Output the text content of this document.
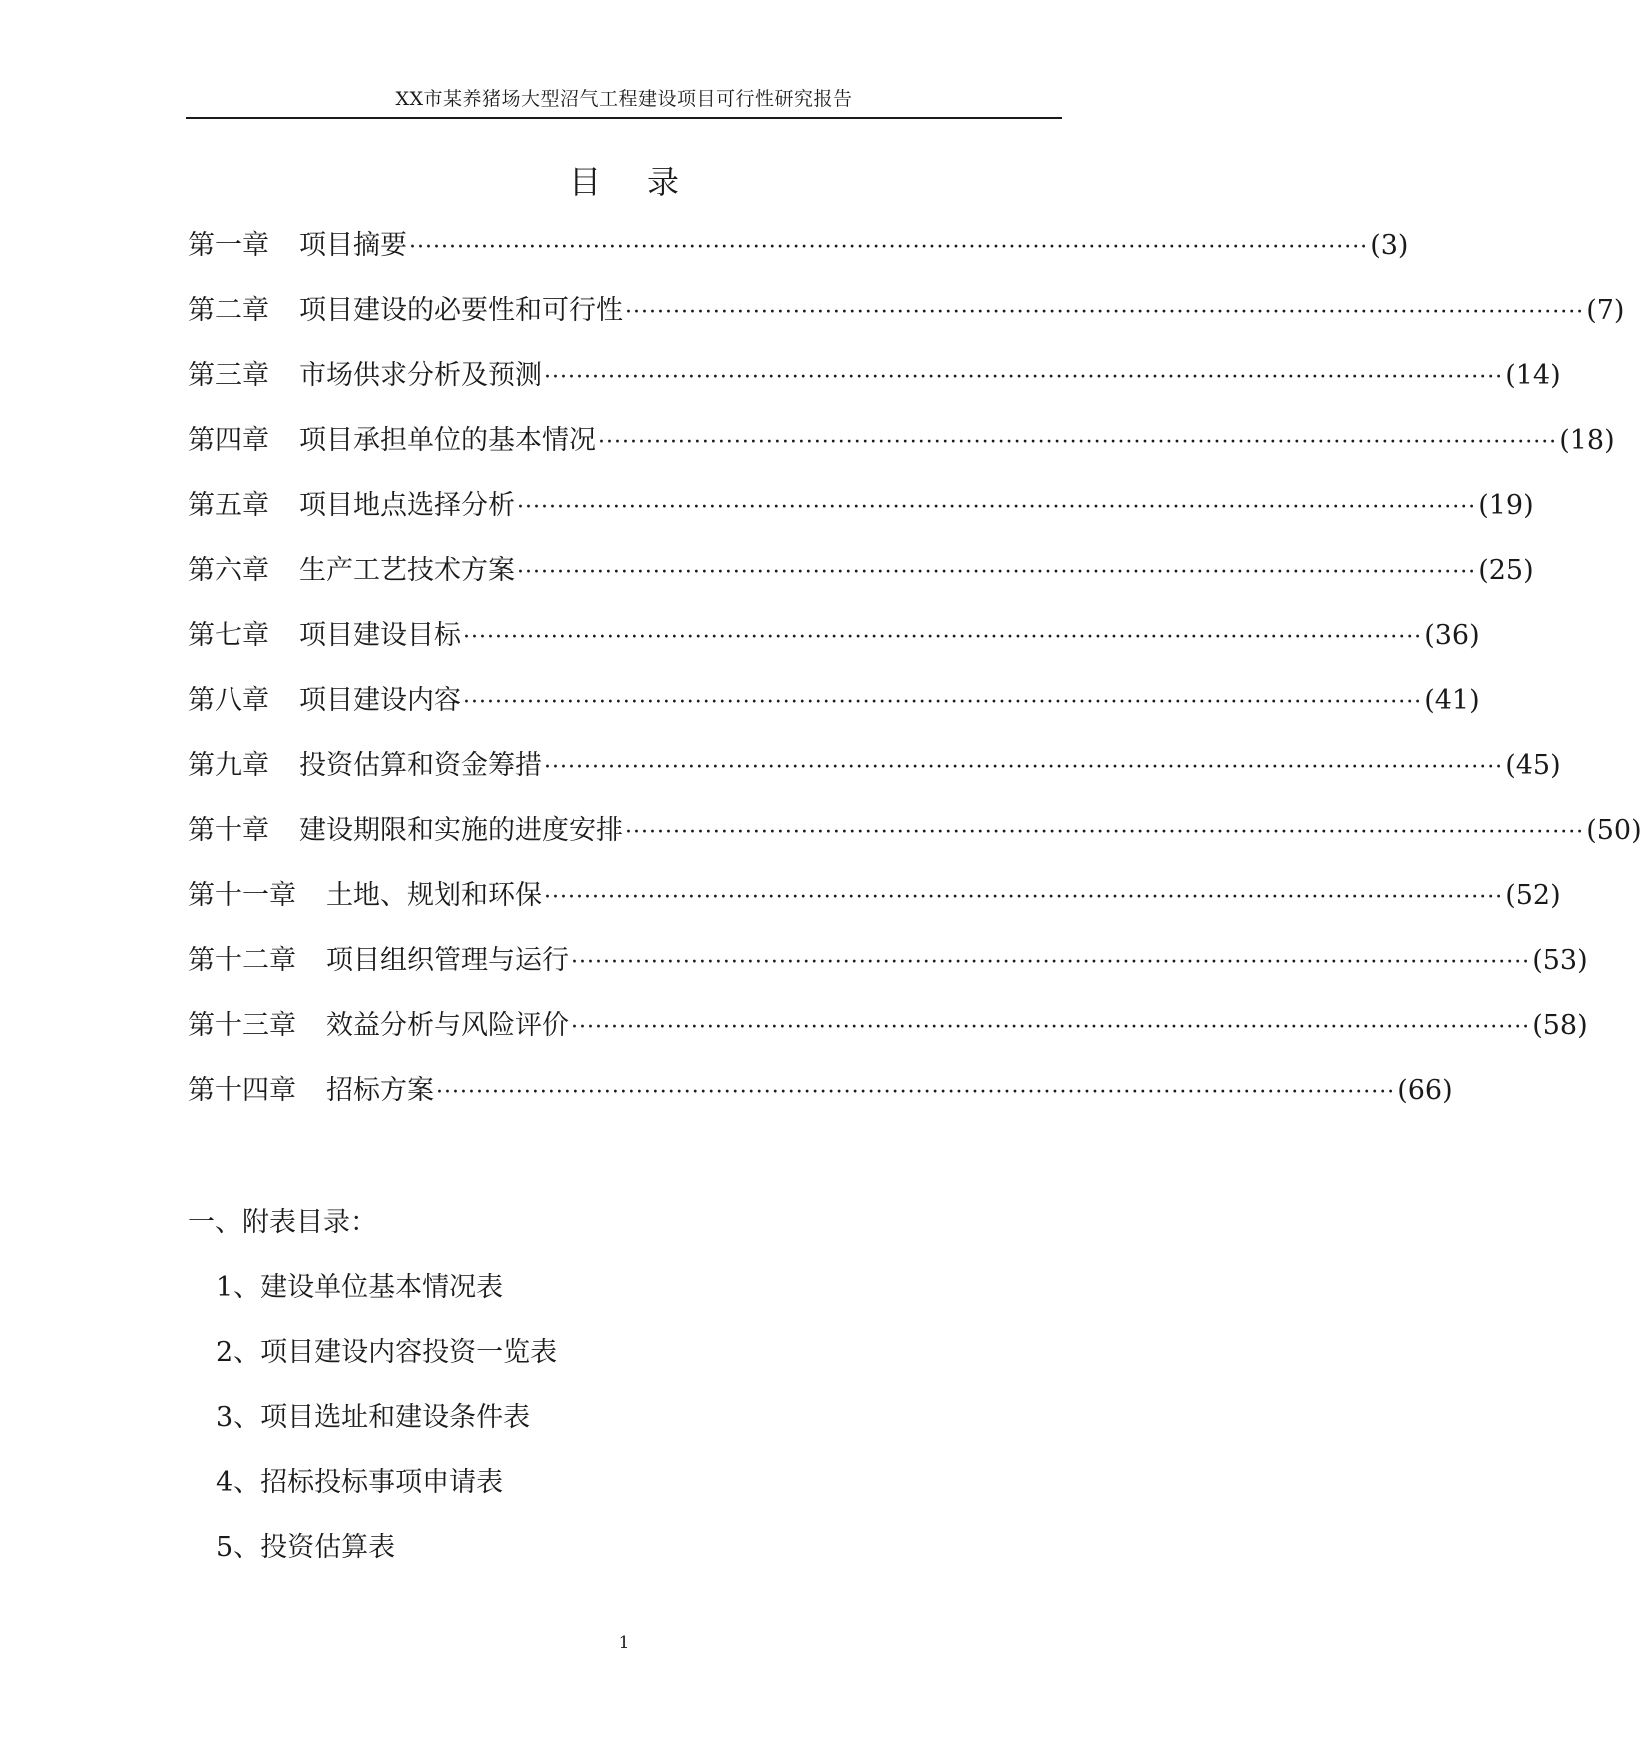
XX市某养猪场大型沼气工程建设项目可行性研究报告
目 录
第一章 项目摘要 ························································································································ (3)
第二章 项目建设的必要性和可行性 ························································································································ (7)
第三章 市场供求分析及预测 ························································································································ (14)
第四章 项目承担单位的基本情况 ························································································································ (18)
第五章 项目地点选择分析 ························································································································ (19)
第六章 生产工艺技术方案 ························································································································ (25)
第七章 项目建设目标 ························································································································ (36)
第八章 项目建设内容 ························································································································ (41)
第九章 投资估算和资金筹措 ························································································································ (45)
第十章 建设期限和实施的进度安排 ························································································································ (50)
第十一章 土地、规划和环保 ························································································································ (52)
第十二章 项目组织管理与运行 ························································································································ (53)
第十三章 效益分析与风险评价 ························································································································ (58)
第十四章 招标方案 ························································································································ (66)
一、附表目录：
1、建设单位基本情况表
2、项目建设内容投资一览表
3、项目选址和建设条件表
4、招标投标事项申请表
5、投资估算表
1
